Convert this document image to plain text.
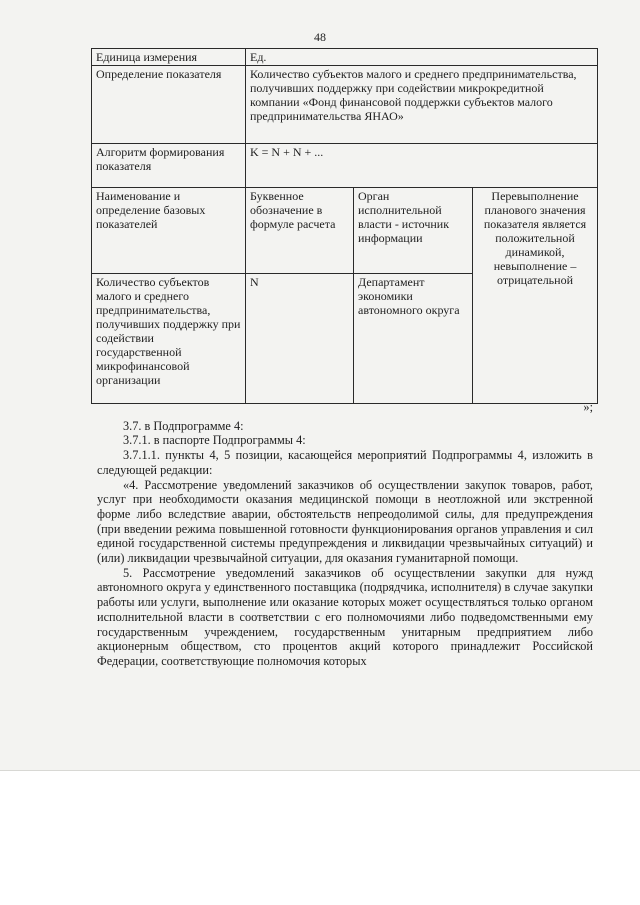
48
Единица измерения	Ед.		
Определение показателя	Количество субъектов малого и среднего предпринимательства, получивших поддержку при содействии микрокредитной компании «Фонд финансовой поддержки субъектов малого предпринимательства ЯНАО»		
Алгоритм формирования показателя	K = N + N + ...		
Наименование и определение базовых показателей	Буквенное обозначение в формуле расчета	Орган исполнительной власти - источник информации	Перевыполнение планового значения показателя является положительной динамикой, невыполнение – отрицательной
Количество субъектов малого и среднего предпринимательства, получивших поддержку при содействии государственной микрофинансовой организации	N	Департамент экономики автономного округа	
»;

3.7. в Подпрограмме 4:

3.7.1. в паспорте Подпрограммы 4:

3.7.1.1. пункты 4, 5 позиции, касающейся мероприятий Подпрограммы 4, изложить в следующей редакции:

«4. Рассмотрение уведомлений заказчиков об осуществлении закупок товаров, работ, услуг при необходимости оказания медицинской помощи в неотложной или экстренной форме либо вследствие аварии, обстоятельств непреодолимой силы, для предупреждения (при введении режима повышенной готовности функционирования органов управления и сил единой государственной системы предупреждения и ликвидации чрезвычайных ситуаций) и (или) ликвидации чрезвычайной ситуации, для оказания гуманитарной помощи.

5. Рассмотрение уведомлений заказчиков об осуществлении закупки для нужд автономного округа у единственного поставщика (подрядчика, исполнителя) в случае закупки работы или услуги, выполнение или оказание которых может осуществляться только органом исполнительной власти в соответствии с его полномочиями либо подведомственными ему государственным учреждением, государственным унитарным предприятием либо акционерным обществом, сто процентов акций которого принадлежит Российской Федерации, соответствующие полномочия которых
